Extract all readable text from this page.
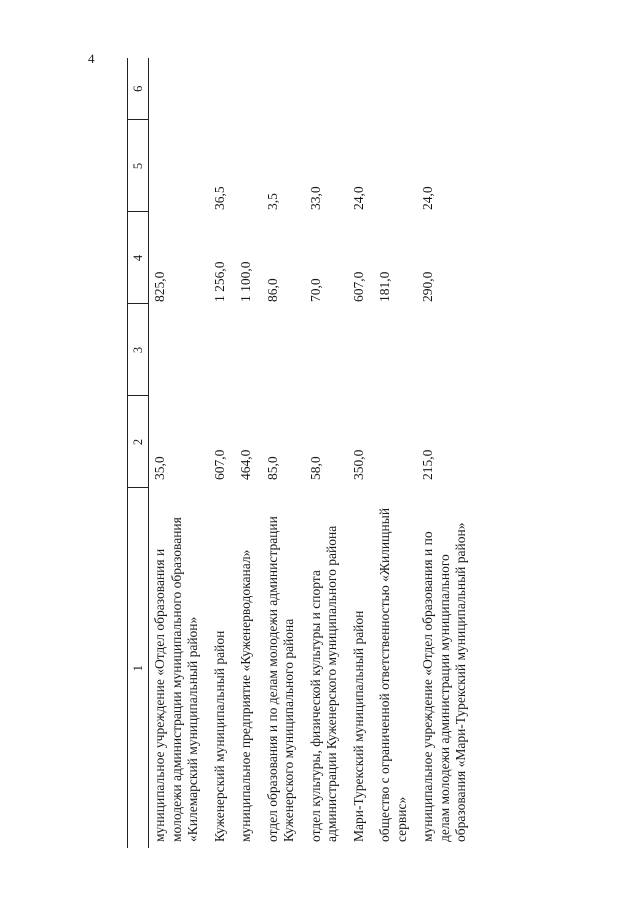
4
1	2	3	4	5	6
муниципальное учреждение «Отдел образования и молодежи администрации муниципального образования «Килемарский муниципальный район»	35,0		825,0		
Куженерский муниципальный район	607,0		1 256,0	36,5	
муниципальное предприятие «Куженерводоканал»	464,0		1 100,0		
отдел образования и по делам молодежи администрации Куженерского муниципального района	85,0		86,0	3,5	
отдел культуры, физической культуры и спорта администрации Куженерского муниципального района	58,0		70,0	33,0	
Мари-Турекский муниципальный район	350,0		607,0	24,0	
общество с ограниченной ответственностью «Жилищный сервис»			181,0		
муниципальное учреждение «Отдел образования и по делам молодежи администрации муниципального образования «Мари-Турекский муниципальный район»	215,0		290,0	24,0	
